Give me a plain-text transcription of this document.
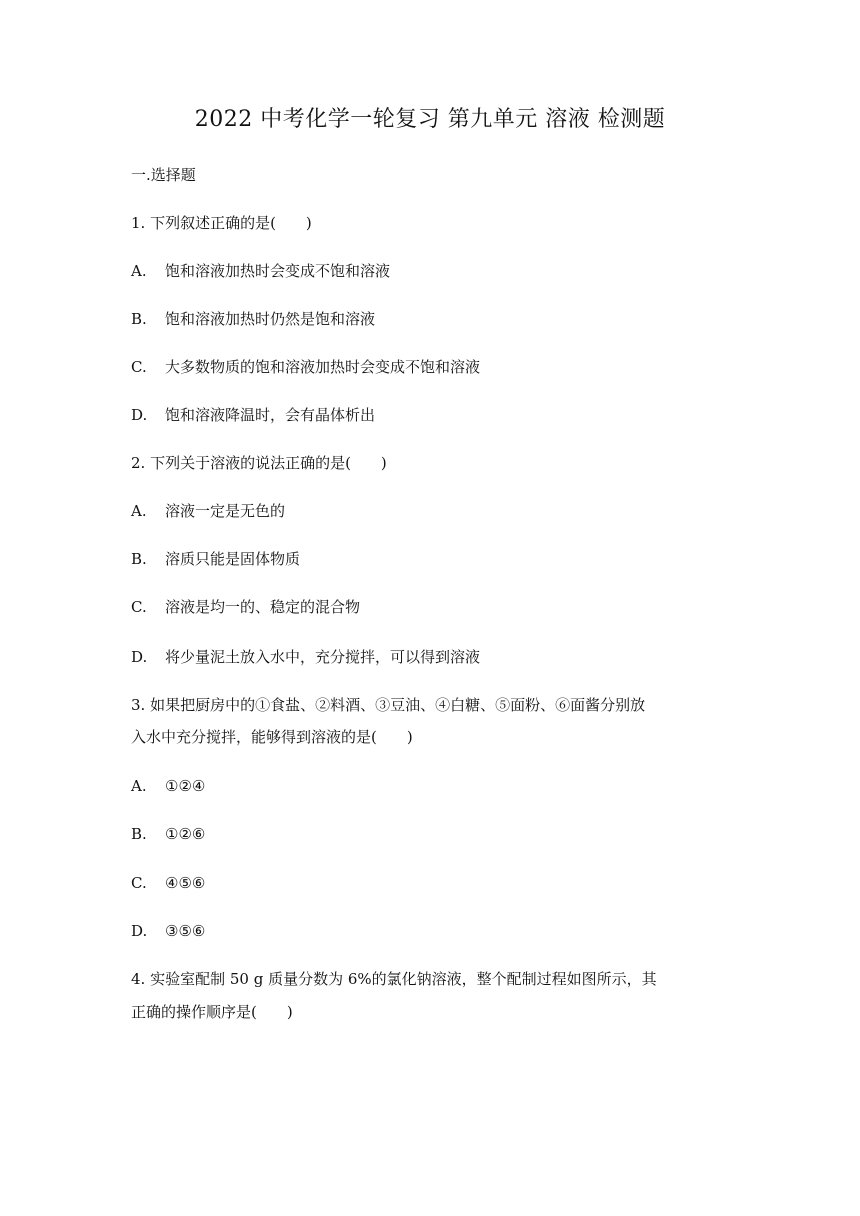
2022 中考化学一轮复习 第九单元 溶液 检测题
一.选择题
1. 下列叙述正确的是(　　)
A. 饱和溶液加热时会变成不饱和溶液
B. 饱和溶液加热时仍然是饱和溶液
C. 大多数物质的饱和溶液加热时会变成不饱和溶液
D. 饱和溶液降温时，会有晶体析出
2. 下列关于溶液的说法正确的是(　　)
A. 溶液一定是无色的
B. 溶质只能是固体物质
C. 溶液是均一的、稳定的混合物
D. 将少量泥土放入水中，充分搅拌，可以得到溶液
3. 如果把厨房中的①食盐、②料酒、③豆油、④白糖、⑤面粉、⑥面酱分别放
入水中充分搅拌，能够得到溶液的是(　　)
A. ①②④
B. ①②⑥
C. ④⑤⑥
D. ③⑤⑥
4. 实验室配制 50 g 质量分数为 6%的氯化钠溶液，整个配制过程如图所示，其
正确的操作顺序是(　　)
